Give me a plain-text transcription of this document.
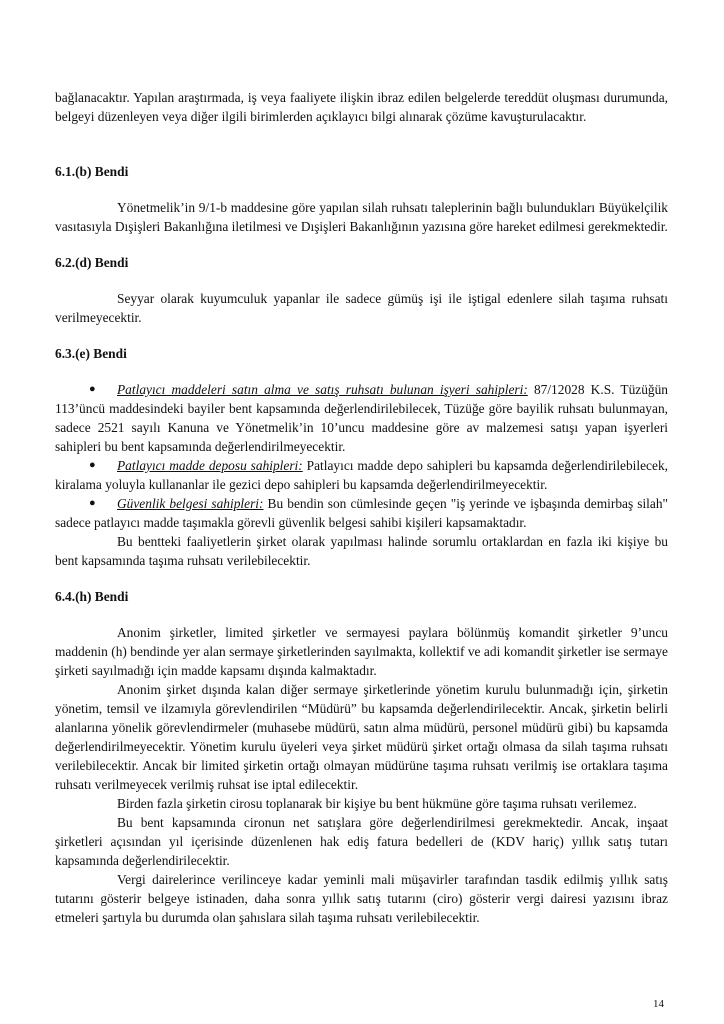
bağlanacaktır. Yapılan araştırmada, iş veya faaliyete ilişkin ibraz edilen belgelerde tereddüt oluşması durumunda, belgeyi düzenleyen veya diğer ilgili birimlerden açıklayıcı bilgi alınarak çözüme kavuşturulacaktır.

6.1.(b) Bendi

Yönetmelik’in 9/1-b maddesine göre yapılan silah ruhsatı taleplerinin bağlı bulundukları Büyükelçilik vasıtasıyla Dışişleri Bakanlığına iletilmesi ve Dışişleri Bakanlığının yazısına göre hareket edilmesi gerekmektedir.

6.2.(d) Bendi

Seyyar olarak kuyumculuk yapanlar ile sadece gümüş işi ile iştigal edenlere silah taşıma ruhsatı verilmeyecektir.

6.3.(e) Bendi
● Patlayıcı maddeleri satın alma ve satış ruhsatı bulunan işyeri sahipleri: 87/12028 K.S. Tüzüğün 113’üncü maddesindeki bayiler bent kapsamında değerlendirilebilecek, Tüzüğe göre bayilik ruhsatı bulunmayan, sadece 2521 sayılı Kanuna ve Yönetmelik’in 10’uncu maddesine göre av malzemesi satışı yapan işyerleri sahipleri bu bent kapsamında değerlendirilmeyecektir.
● Patlayıcı madde deposu sahipleri: Patlayıcı madde depo sahipleri bu kapsamda değerlendirilebilecek, kiralama yoluyla kullananlar ile gezici depo sahipleri bu kapsamda değerlendirilmeyecektir.
● Güvenlik belgesi sahipleri: Bu bendin son cümlesinde geçen "iş yerinde ve işbaşında demirbaş silah" sadece patlayıcı madde taşımakla görevli güvenlik belgesi sahibi kişileri kapsamaktadır.

Bu bentteki faaliyetlerin şirket olarak yapılması halinde sorumlu ortaklardan en fazla iki kişiye bu bent kapsamında taşıma ruhsatı verilebilecektir.

6.4.(h) Bendi

Anonim şirketler, limited şirketler ve sermayesi paylara bölünmüş komandit şirketler 9’uncu maddenin (h) bendinde yer alan sermaye şirketlerinden sayılmakta, kollektif ve adi komandit şirketler ise sermaye şirketi sayılmadığı için madde kapsamı dışında kalmaktadır.

Anonim şirket dışında kalan diğer sermaye şirketlerinde yönetim kurulu bulunmadığı için, şirketin yönetim, temsil ve ilzamıyla görevlendirilen “Müdürü” bu kapsamda değerlendirilecektir. Ancak, şirketin belirli alanlarına yönelik görevlendirmeler (muhasebe müdürü, satın alma müdürü, personel müdürü gibi) bu kapsamda değerlendirilmeyecektir. Yönetim kurulu üyeleri veya şirket müdürü şirket ortağı olmasa da silah taşıma ruhsatı verilebilecektir. Ancak bir limited şirketin ortağı olmayan müdürüne taşıma ruhsatı verilmiş ise ortaklara taşıma ruhsatı verilmeyecek verilmiş ruhsat ise iptal edilecektir.

Birden fazla şirketin cirosu toplanarak bir kişiye bu bent hükmüne göre taşıma ruhsatı verilemez.

Bu bent kapsamında cironun net satışlara göre değerlendirilmesi gerekmektedir. Ancak, inşaat şirketleri açısından yıl içerisinde düzenlenen hak ediş fatura bedelleri de (KDV hariç) yıllık satış tutarı kapsamında değerlendirilecektir.

Vergi dairelerince verilinceye kadar yeminli mali müşavirler tarafından tasdik edilmiş yıllık satış tutarını gösterir belgeye istinaden, daha sonra yıllık satış tutarını (ciro) gösterir vergi dairesi yazısını ibraz etmeleri şartıyla bu durumda olan şahıslara silah taşıma ruhsatı verilebilecektir.

14
